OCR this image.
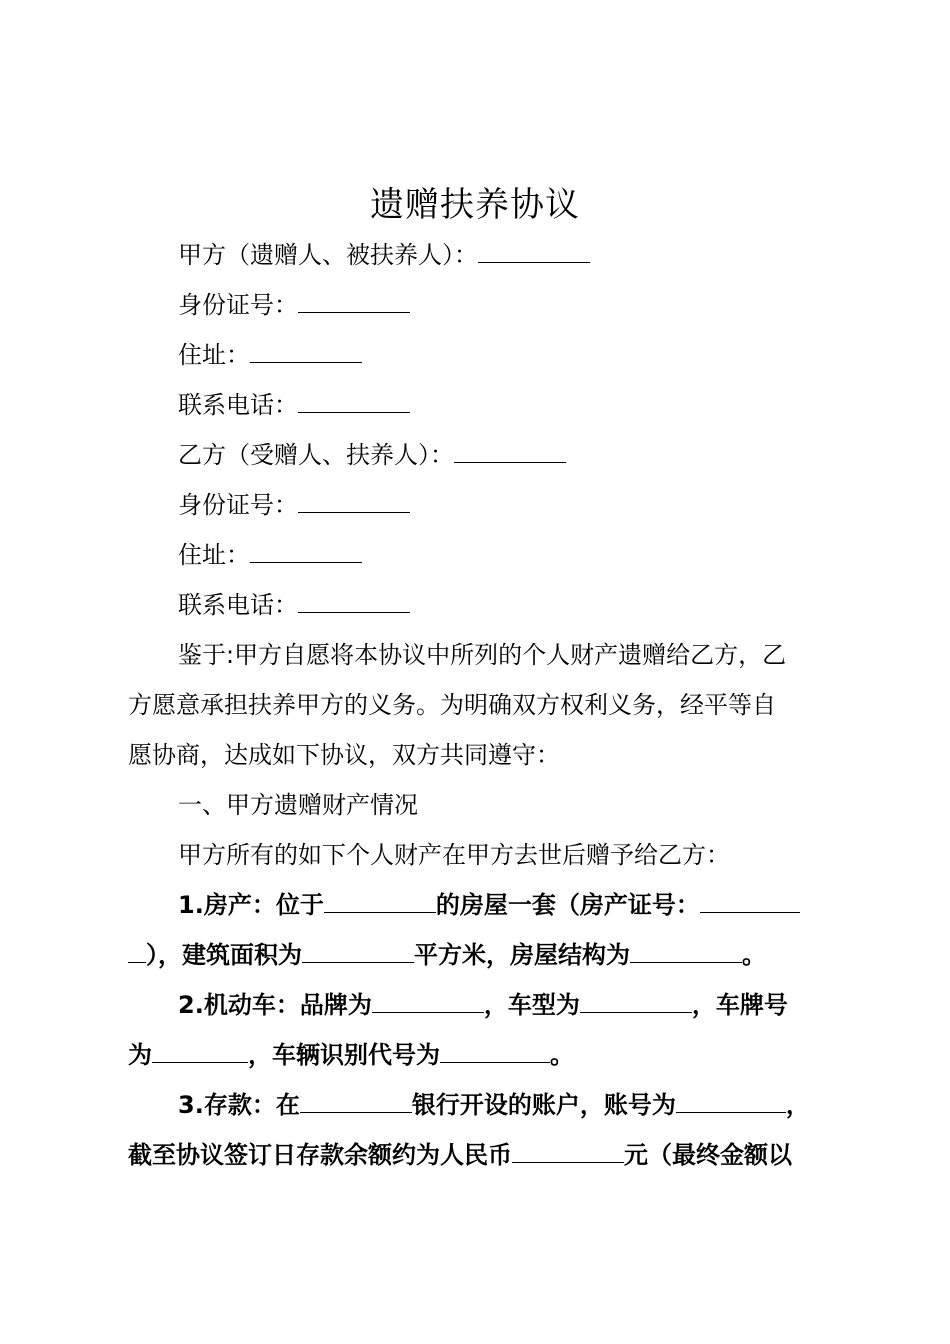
遗赠扶养协议
甲方（遗赠人、被扶养人）：
身份证号：
住址：
联系电话：
乙方（受赠人、扶养人）：
身份证号：
住址：
联系电话：
鉴于:甲方自愿将本协议中所列的个人财产遗赠给乙方，乙
方愿意承担扶养甲方的义务。为明确双方权利义务，经平等自
愿协商，达成如下协议，双方共同遵守：
一、甲方遗赠财产情况
甲方所有的如下个人财产在甲方去世后赠予给乙方：
1.房产：位于	的房屋一套（房产证号：
），建筑面积为	平方米，房屋结构为	。
2.机动车：品牌为	，车型为	，车牌号
为	，车辆识别代号为	。
3.存款：在	银行开设的账户，账号为	，
截至协议签订日存款余额约为人民币	元（最终金额以
